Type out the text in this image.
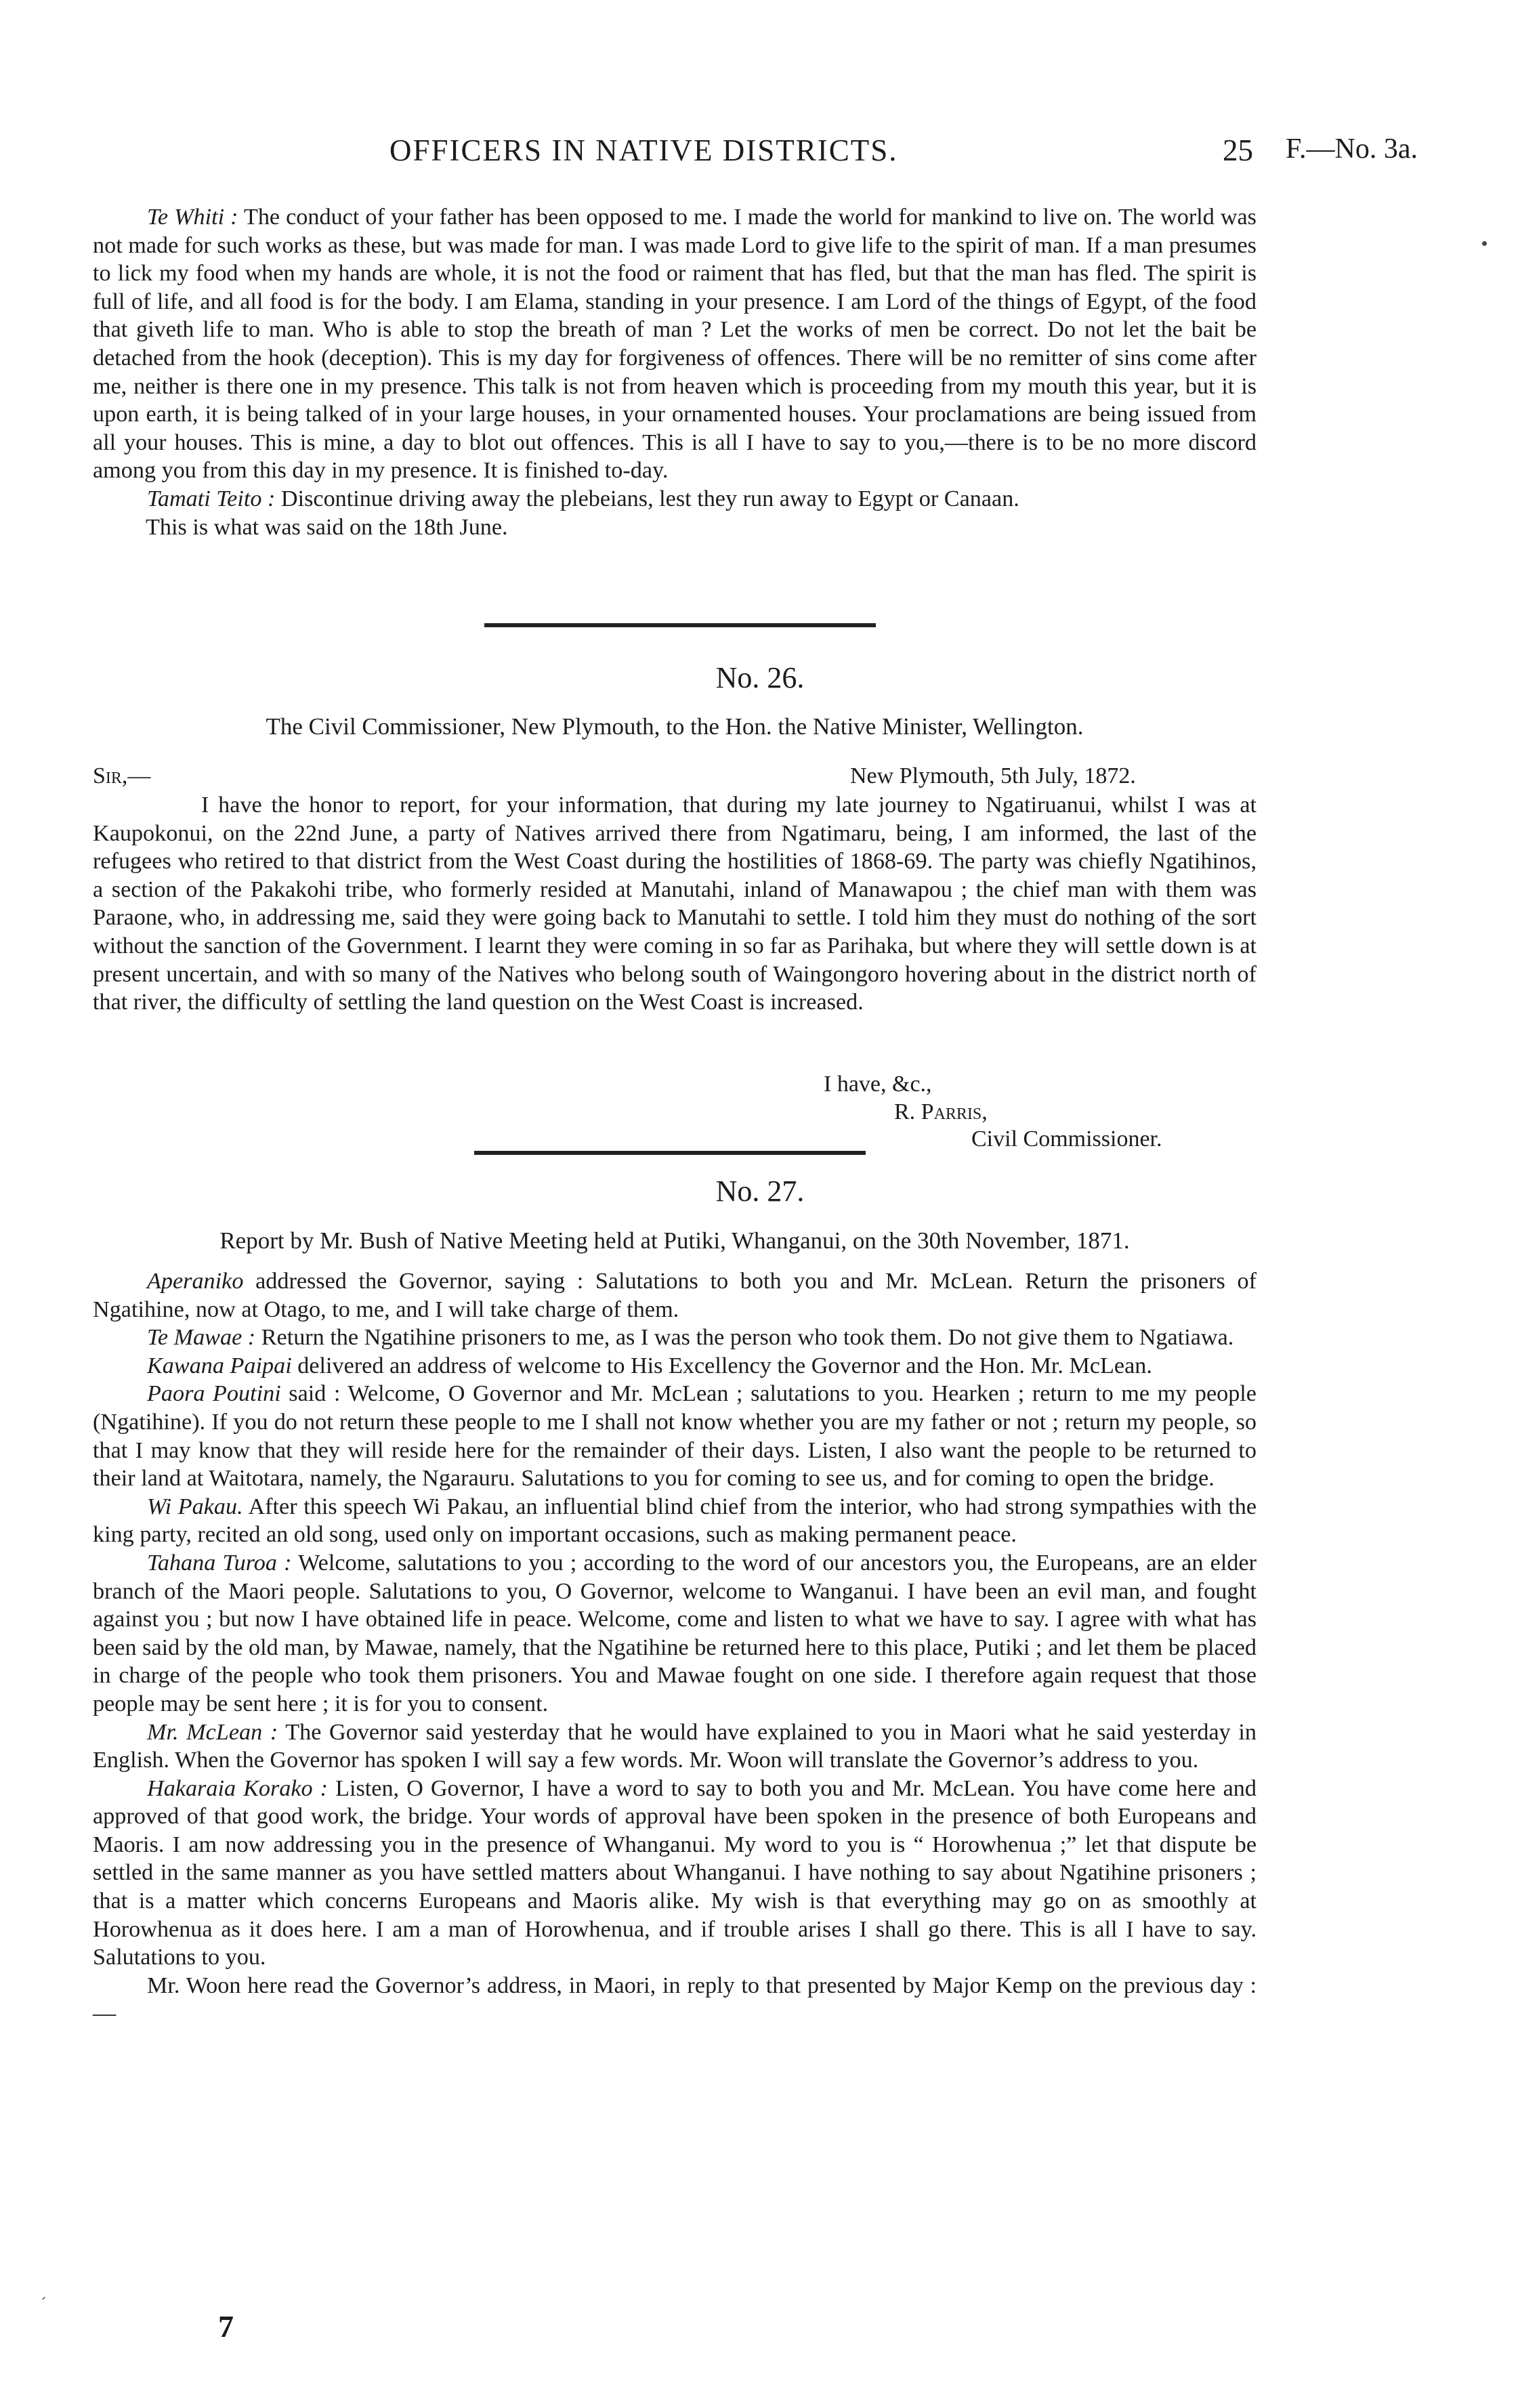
OFFICERS IN NATIVE DISTRICTS.	25 F.—No. 3a.

Te Whiti : The conduct of your father has been opposed to me. I made the world for mankind to live on. The world was not made for such works as these, but was made for man. I was made Lord to give life to the spirit of man. If a man presumes to lick my food when my hands are whole, it is not the food or raiment that has fled, but that the man has fled. The spirit is full of life, and all food is for the body. I am Elama, standing in your presence. I am Lord of the things of Egypt, of the food that giveth life to man. Who is able to stop the breath of man ? Let the works of men be correct. Do not let the bait be detached from the hook (deception). This is my day for forgiveness of offences. There will be no remitter of sins come after me, neither is there one in my presence. This talk is not from heaven which is proceeding from my mouth this year, but it is upon earth, it is being talked of in your large houses, in your ornamented houses. Your proclamations are being issued from all your houses. This is mine, a day to blot out offences. This is all I have to say to you,—there is to be no more discord among you from this day in my presence. It is finished to-day.

Tamati Teito : Discontinue driving away the plebeians, lest they run away to Egypt or Canaan.

This is what was said on the 18th June.

No. 26.
The Civil Commissioner, New Plymouth, to the Hon. the Native Minister, Wellington.
Sir,—	New Plymouth, 5th July, 1872.

I have the honor to report, for your information, that during my late journey to Ngatiruanui, whilst I was at Kaupokonui, on the 22nd June, a party of Natives arrived there from Ngatimaru, being, I am informed, the last of the refugees who retired to that district from the West Coast during the hostilities of 1868-69. The party was chiefly Ngatihinos, a section of the Pakakohi tribe, who formerly resided at Manutahi, inland of Manawapou ; the chief man with them was Paraone, who, in addressing me, said they were going back to Manutahi to settle. I told him they must do nothing of the sort without the sanction of the Government. I learnt they were coming in so far as Parihaka, but where they will settle down is at present uncertain, and with so many of the Natives who belong south of Waingongoro hovering about in the district north of that river, the difficulty of settling the land question on the West Coast is increased.

I have, &c.,
R. Parris,
Civil Commissioner.
No. 27.
Report by Mr. Bush of Native Meeting held at Putiki, Whanganui, on the 30th November, 1871.

Aperaniko addressed the Governor, saying : Salutations to both you and Mr. McLean. Return the prisoners of Ngatihine, now at Otago, to me, and I will take charge of them.

Te Mawae : Return the Ngatihine prisoners to me, as I was the person who took them. Do not give them to Ngatiawa.

Kawana Paipai delivered an address of welcome to His Excellency the Governor and the Hon. Mr. McLean.

Paora Poutini said : Welcome, O Governor and Mr. McLean ; salutations to you. Hearken ; return to me my people (Ngatihine). If you do not return these people to me I shall not know whether you are my father or not ; return my people, so that I may know that they will reside here for the remainder of their days. Listen, I also want the people to be returned to their land at Waitotara, namely, the Ngarauru. Salutations to you for coming to see us, and for coming to open the bridge.

Wi Pakau. After this speech Wi Pakau, an influential blind chief from the interior, who had strong sympathies with the king party, recited an old song, used only on important occasions, such as making permanent peace.

Tahana Turoa : Welcome, salutations to you ; according to the word of our ancestors you, the Europeans, are an elder branch of the Maori people. Salutations to you, O Governor, welcome to Wanganui. I have been an evil man, and fought against you ; but now I have obtained life in peace. Welcome, come and listen to what we have to say. I agree with what has been said by the old man, by Mawae, namely, that the Ngatihine be returned here to this place, Putiki ; and let them be placed in charge of the people who took them prisoners. You and Mawae fought on one side. I therefore again request that those people may be sent here ; it is for you to consent.

Mr. McLean : The Governor said yesterday that he would have explained to you in Maori what he said yesterday in English. When the Governor has spoken I will say a few words. Mr. Woon will translate the Governor’s address to you.

Hakaraia Korako : Listen, O Governor, I have a word to say to both you and Mr. McLean. You have come here and approved of that good work, the bridge. Your words of approval have been spoken in the presence of both Europeans and Maoris. I am now addressing you in the presence of Whanganui. My word to you is “ Horowhenua ;” let that dispute be settled in the same manner as you have settled matters about Whanganui. I have nothing to say about Ngatihine prisoners ; that is a matter which concerns Europeans and Maoris alike. My wish is that everything may go on as smoothly at Horowhenua as it does here. I am a man of Horowhenua, and if trouble arises I shall go there. This is all I have to say. Salutations to you.

Mr. Woon here read the Governor’s address, in Maori, in reply to that presented by Major Kemp on the previous day :—

7
